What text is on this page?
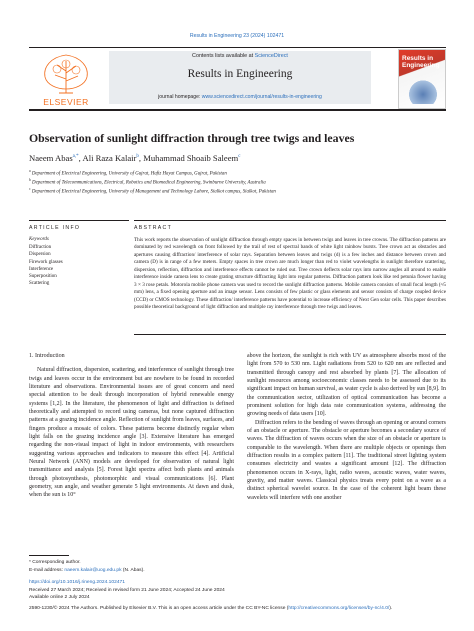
Results in Engineering 23 (2024) 102471
ELSEVIER
Contents lists available at ScienceDirect
Results in Engineering
journal homepage: www.sciencedirect.com/journal/results-in-engineering
Results in Engineering
Observation of sunlight diffraction through tree twigs and leaves
Naeem Abas$^{a,*}$, Ali Raza Kalair$^b$, Muhammad Shoaib Saleem$^c$
$^a$ Department of Electrical Engineering, University of Gujrat, Hafiz Hayat Campus, Gujrat, Pakistan
$^b$ Department of Telecommunications, Electrical, Robotics and Biomedical Engineering, Swinburne University, Australia
$^c$ Department of Electrical Engineering, University of Management and Technology Lahore, Sialkot campus, Sialkot, Pakistan
ARTICLE INFO	ABSTRACT
Keywords
Diffraction
Dispersion
Firework glasses
Interference
Superposition
Scattering

This work reports the observation of sunlight diffraction through empty spaces in between twigs and leaves in tree crowns. The diffraction patterns are dominated by red wavelength on front followed by the trail of rest of spectral bands of white light rainbow bursts. Tree crown act as obstacles and apertures causing diffraction/ interference of solar rays. Separation between leaves and twigs (d) is a few inches and distance between crown and camera (D) is in range of a few meters. Empty spaces in tree crown are much longer than red to violet wavelengths in sunlight therefore scattering, dispersion, reflection, diffraction and interference effects cannot be ruled out. Tree crown deflects solar rays into narrow angles all around to enable interference inside camera lens to create grating structure diffracting light into regular patterns. Diffraction pattern look like red petunia flower having 3 × 3 rose petals. Motorola mobile phone camera was used to record the sunlight diffraction patterns. Mobile camera consists of small focal length (≈5 mm) lens, a fixed opening aperture and an image sensor. Lens consists of few plastic or glass elements and sensor consists of charge coupled device (CCD) or CMOS technology. These diffraction/ interference patterns have potential to increase efficiency of Next Gen solar cells. This paper describes possible theoretical background of light diffraction and multiple ray interference through tree twigs and leaves.

1. Introduction

Natural diffraction, dispersion, scattering, and interference of sunlight through tree twigs and leaves occur in the environment but are nowhere to be found in recorded literature and observations. Environmental issues are of great concern and need special attention to be dealt through incorporation of hybrid renewable energy systems [1,2]. In the literature, the phenomenon of light and diffraction is defined theoretically and attempted to record using cameras, but none captured diffraction patterns at a grazing incidence angle. Reflection of sunlight from leaves, surfaces, and fingers produce a mosaic of colors. These patterns become distinctly regular when light falls on the grazing incidence angle [3]. Extensive literature has emerged regarding the non-visual impact of light in indoor environments, with researchers suggesting various approaches and indicators to measure this effect [4]. Artificial Neural Network (ANN) models are developed for observation of natural light transmittance and analysis [5]. Forest light spectra affect both plants and animals through photosynthesis, photomorphic and visual communications [6]. Plant geometry, sun angle, and weather generate 5 light environments. At dawn and dusk, when the sun is 10°

above the horizon, the sunlight is rich with UV as atmosphere absorbs most of the light from 570 to 530 nm. Light radiations from 520 to 620 nm are reflected and transmitted through canopy and rest absorbed by plants [7]. The allocation of sunlight resources among socioeconomic classes needs to be assessed due to its significant impact on human survival, as water cycle is also derived by sun [8,9]. In the communication sector, utilization of optical communication has become a prominent solution for high data rate communication systems, addressing the growing needs of data users [10].

Diffraction refers to the bending of waves through an opening or around corners of an obstacle or aperture. The obstacle or aperture becomes a secondary source of waves. The diffraction of waves occurs when the size of an obstacle or aperture is comparable to the wavelength. When there are multiple objects or openings then diffraction results in a complex pattern [11]. The traditional street lighting system consumes electricity and wastes a significant amount [12]. The diffraction phenomenon occurs in X-rays, light, radio waves, acoustic waves, water waves, gravity, and matter waves. Classical physics treats every point on a wave as a distinct spherical wavelet source. In the case of the coherent light beam these wavelets will interfere with one another

* Corresponding author.
E-mail address: naeem.kalair@uog.edu.pk (N. Abas).
https://doi.org/10.1016/j.rineng.2024.102471
Received 27 March 2024; Received in revised form 21 June 2024; Accepted 24 June 2024
Available online 2 July 2024
2590-1230/© 2024 The Authors. Published by Elsevier B.V. This is an open access article under the CC BY-NC license (http://creativecommons.org/licenses/by-nc/4.0/).
